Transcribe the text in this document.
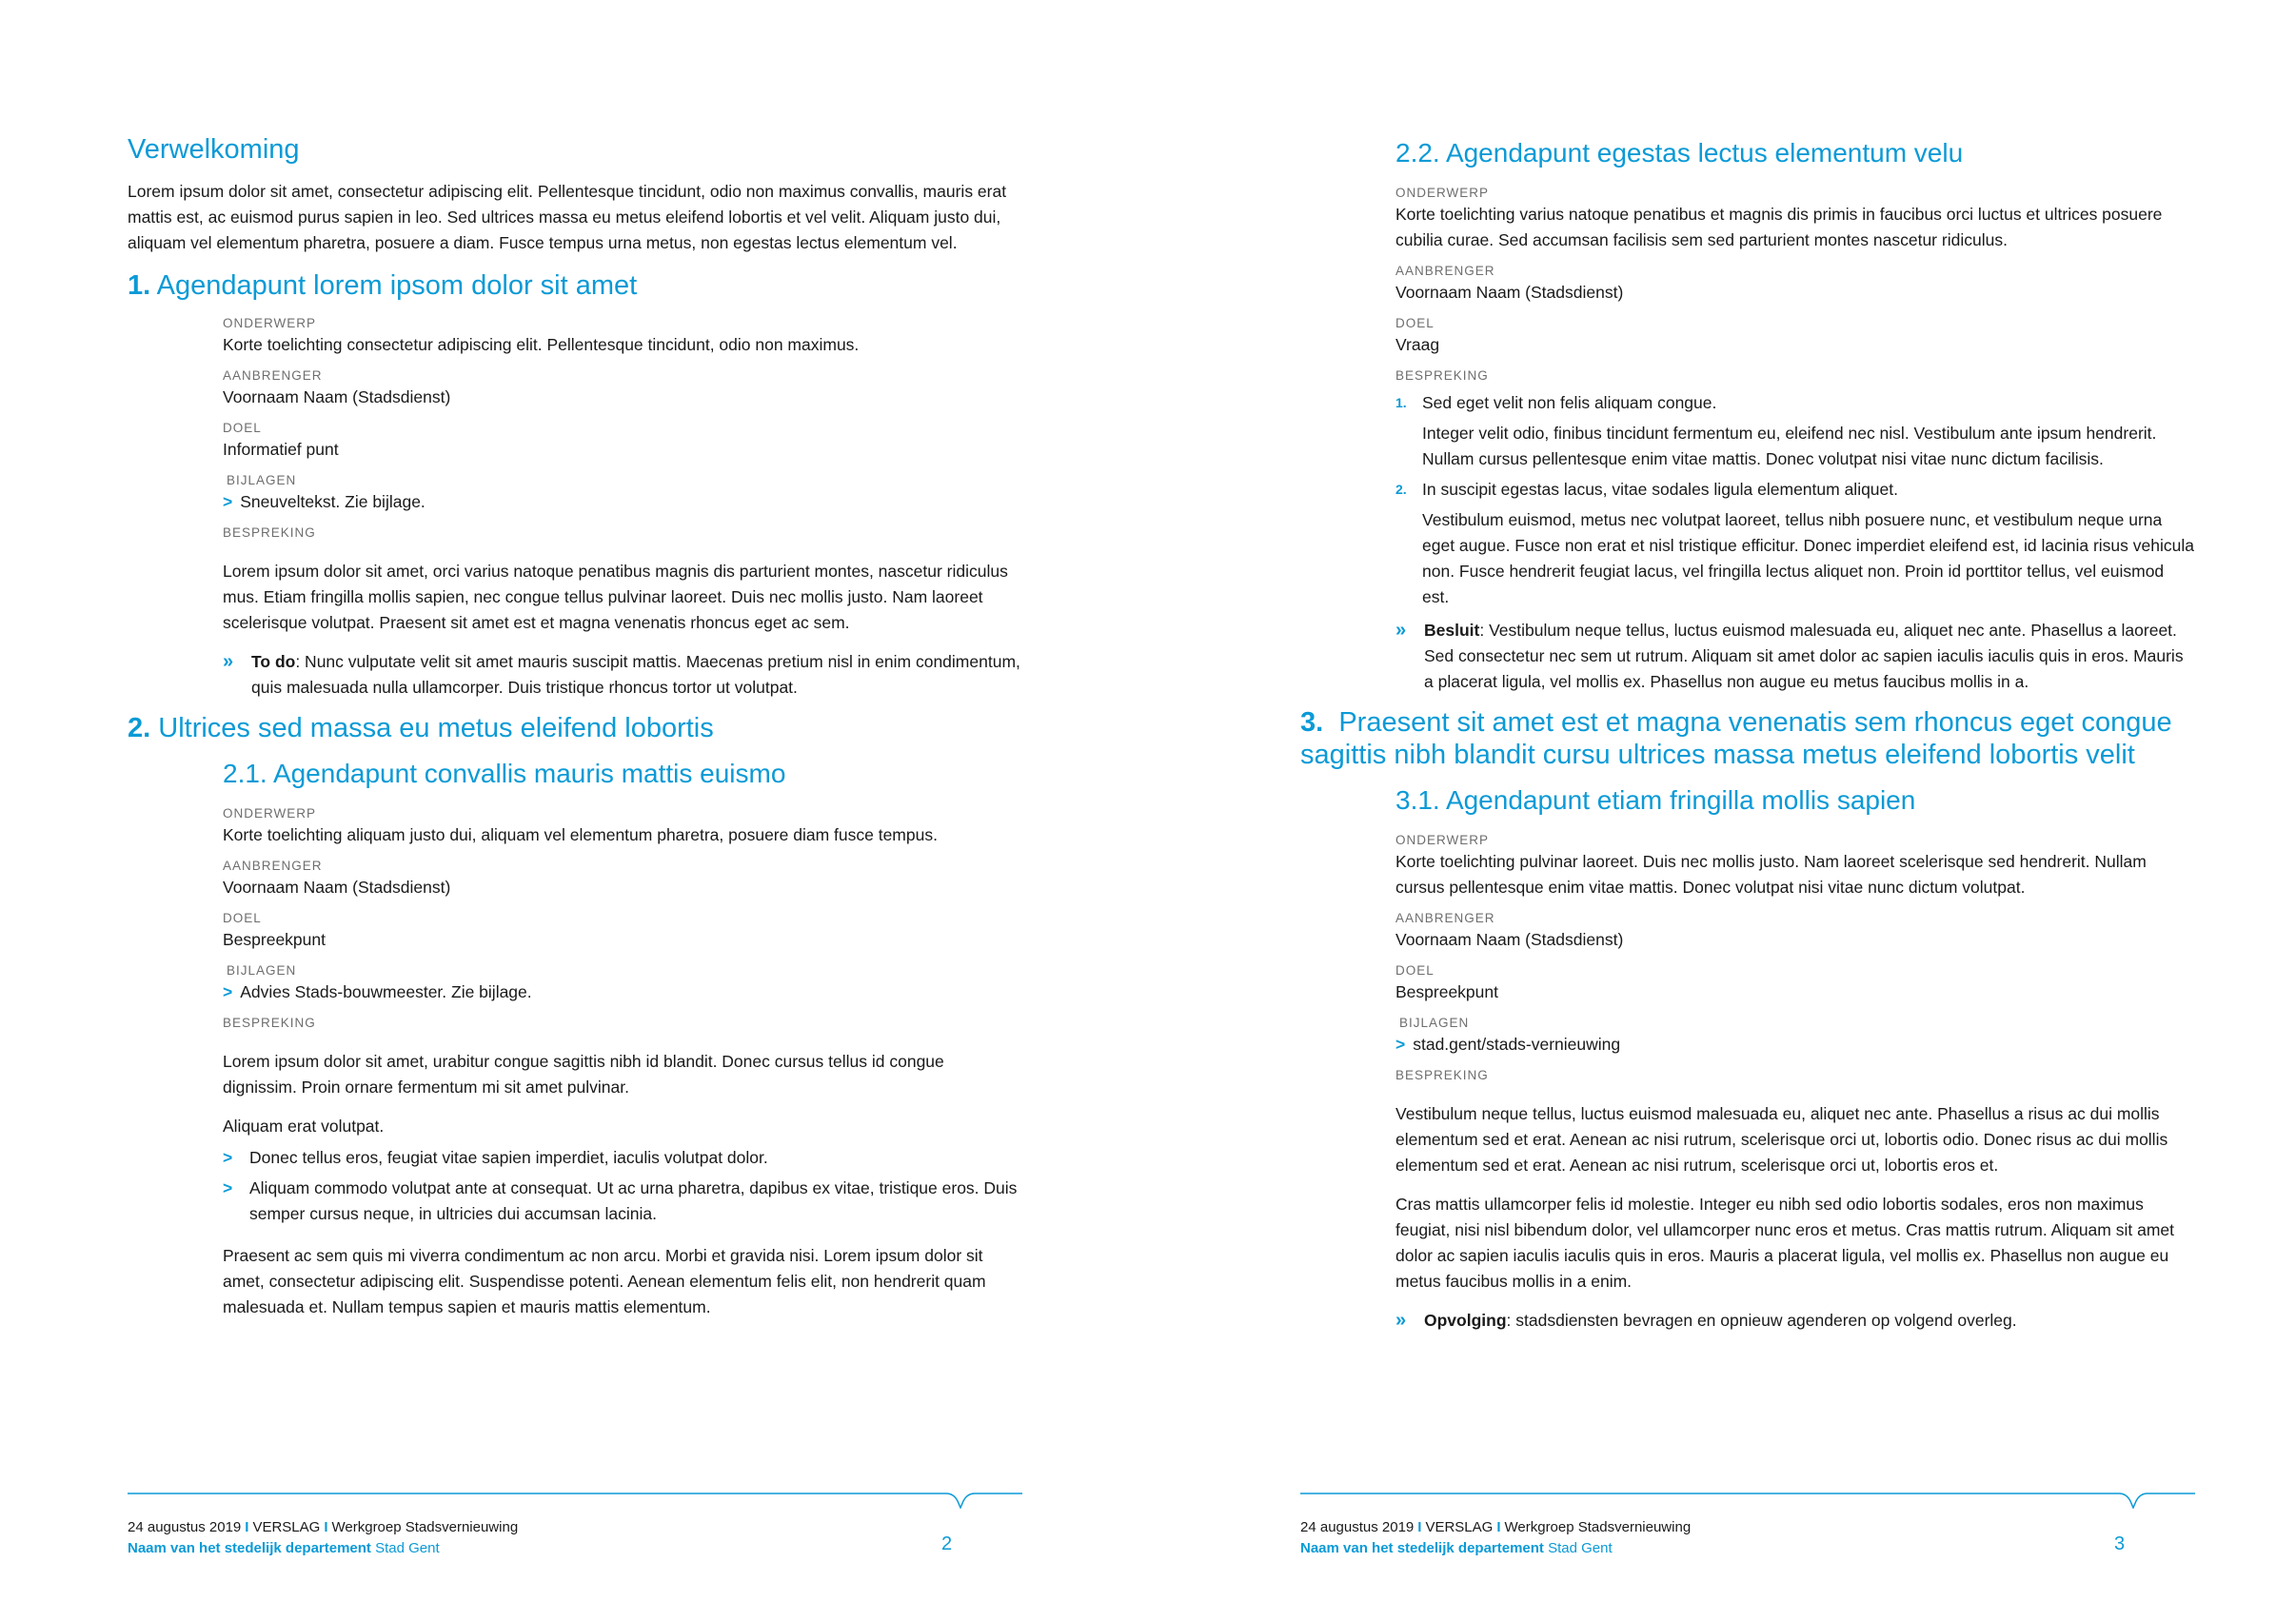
Verwelkoming

Lorem ipsum dolor sit amet, consectetur adipiscing elit. Pellentesque tincidunt, odio non maximus convallis, mauris erat mattis est, ac euismod purus sapien in leo. Sed ultrices massa eu metus eleifend lobortis et vel velit. Aliquam justo dui, aliquam vel elementum pharetra, posuere a diam. Fusce tempus urna metus, non egestas lectus elementum vel.

1. Agendapunt lorem ipsom dolor sit amet
ONDERWERP
Korte toelichting consectetur adipiscing elit. Pellentesque tincidunt, odio non maximus.
AANBRENGER
Voornaam Naam (Stadsdienst)
DOEL
Informatief punt
BIJLAGEN
> Sneuveltekst. Zie bijlage.
BESPREKING

Lorem ipsum dolor sit amet, orci varius natoque penatibus magnis dis parturient montes, nascetur ridiculus mus. Etiam fringilla mollis sapien, nec congue tellus pulvinar laoreet. Duis nec mollis justo. Nam laoreet scelerisque volutpat. Praesent sit amet est et magna venenatis rhoncus eget ac sem.

»	To do: Nunc vulputate velit sit amet mauris suscipit mattis. Maecenas pretium nisl in enim condimentum, quis malesuada nulla ullamcorper. Duis tristique rhoncus tortor ut volutpat.
2. Ultrices sed massa eu metus eleifend lobortis
2.1. Agendapunt convallis mauris mattis euismo
ONDERWERP
Korte toelichting aliquam justo dui, aliquam vel elementum pharetra, posuere diam fusce tempus.
AANBRENGER
Voornaam Naam (Stadsdienst)
DOEL
Bespreekpunt
BIJLAGEN
> Advies Stads-bouwmeester. Zie bijlage.
BESPREKING

Lorem ipsum dolor sit amet, urabitur congue sagittis nibh id blandit. Donec cursus tellus id congue dignissim. Proin ornare fermentum mi sit amet pulvinar.

Aliquam erat volutpat.

>	Donec tellus eros, feugiat vitae sapien imperdiet, iaculis volutpat dolor.
>	Aliquam commodo volutpat ante at consequat. Ut ac urna pharetra, dapibus ex vitae, tristique eros. Duis semper cursus neque, in ultricies dui accumsan lacinia.

Praesent ac sem quis mi viverra condimentum ac non arcu. Morbi et gravida nisi. Lorem ipsum dolor sit amet, consectetur adipiscing elit. Suspendisse potenti. Aenean elementum felis elit, non hendrerit quam malesuada et. Nullam tempus sapien et mauris mattis elementum.

24 augustus 2019 I VERSLAG I Werkgroep Stadsvernieuwing
Naam van het stedelijk departement Stad Gent	2
2.2. Agendapunt egestas lectus elementum velu
ONDERWERP
Korte toelichting varius natoque penatibus et magnis dis primis in faucibus orci luctus et ultrices posuere cubilia curae. Sed accumsan facilisis sem sed parturient montes nascetur ridiculus.
AANBRENGER
Voornaam Naam (Stadsdienst)
DOEL
Vraag
BESPREKING
1. Sed eget velit non felis aliquam congue.
Integer velit odio, finibus tincidunt fermentum eu, eleifend nec nisl. Vestibulum ante ipsum hendrerit. Nullam cursus pellentesque enim vitae mattis. Donec volutpat nisi vitae nunc dictum facilisis.
2. In suscipit egestas lacus, vitae sodales ligula elementum aliquet.
Vestibulum euismod, metus nec volutpat laoreet, tellus nibh posuere nunc, et vestibulum neque urna eget augue. Fusce non erat et nisl tristique efficitur. Donec imperdiet eleifend est, id lacinia risus vehicula non. Fusce hendrerit feugiat lacus, vel fringilla lectus aliquet non. Proin id porttitor tellus, vel euismod est.
»	Besluit: Vestibulum neque tellus, luctus euismod malesuada eu, aliquet nec ante. Phasellus a laoreet. Sed consectetur nec sem ut rutrum. Aliquam sit amet dolor ac sapien iaculis iaculis quis in eros. Mauris a placerat ligula, vel mollis ex. Phasellus non augue eu metus faucibus mollis in a.
3. Praesent sit amet est et magna venenatis sem rhoncus eget congue sagittis nibh blandit cursu ultrices massa metus eleifend lobortis velit
3.1. Agendapunt etiam fringilla mollis sapien
ONDERWERP
Korte toelichting pulvinar laoreet. Duis nec mollis justo. Nam laoreet scelerisque sed hendrerit. Nullam cursus pellentesque enim vitae mattis. Donec volutpat nisi vitae nunc dictum volutpat.
AANBRENGER
Voornaam Naam (Stadsdienst)
DOEL
Bespreekpunt
BIJLAGEN
> stad.gent/stads-vernieuwing
BESPREKING

Vestibulum neque tellus, luctus euismod malesuada eu, aliquet nec ante. Phasellus a risus ac dui mollis elementum sed et erat. Aenean ac nisi rutrum, scelerisque orci ut, lobortis odio. Donec risus ac dui mollis elementum sed et erat. Aenean ac nisi rutrum, scelerisque orci ut, lobortis eros et.

Cras mattis ullamcorper felis id molestie. Integer eu nibh sed odio lobortis sodales, eros non maximus feugiat, nisi nisl bibendum dolor, vel ullamcorper nunc eros et metus. Cras mattis rutrum. Aliquam sit amet dolor ac sapien iaculis iaculis quis in eros. Mauris a placerat ligula, vel mollis ex. Phasellus non augue eu metus faucibus mollis in a enim.

»	Opvolging: stadsdiensten bevragen en opnieuw agenderen op volgend overleg.
24 augustus 2019 I VERSLAG I Werkgroep Stadsvernieuwing
Naam van het stedelijk departement Stad Gent	3
